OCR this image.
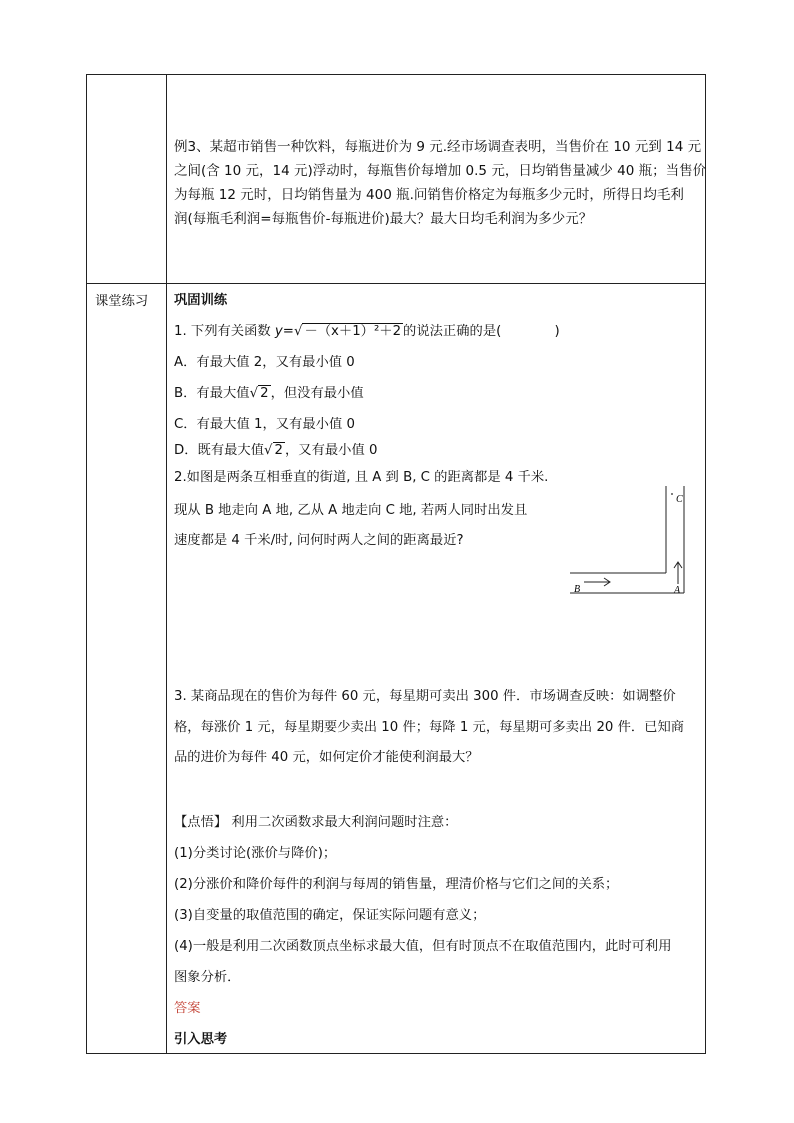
例3、某超市销售一种饮料，每瓶进价为 9 元.经市场调查表明，当售价在 10 元到 14 元

之间(含 10 元，14 元)浮动时，每瓶售价每增加 0.5 元，日均销售量减少 40 瓶；当售价

为每瓶 12 元时，日均销售量为 400 瓶.问销售价格定为每瓶多少元时，所得日均毛利

润(每瓶毛利润=每瓶售价-每瓶进价)最大？最大日均毛利润为多少元？

课堂练习 巩固训练
1. 下列有关函数 y=√ －（x＋1）²＋2 的说法正确的是(　　　　)
A．有最大值 2，又有最小值 0
B．有最大值√ 2 ，但没有最小值
C．有最大值 1，又有最小值 0
D．既有最大值√ 2 ，又有最小值 0
2.如图是两条互相垂直的街道, 且 A 到 B, C 的距离都是 4 千米.
现从 B 地走向 A 地, 乙从 A 地走向 C 地, 若两人同时出发且
速度都是 4 千米/时, 问何时两人之间的距离最近?
B	A
C
3. 某商品现在的售价为每件 60 元，每星期可卖出 300 件．市场调查反映：如调整价
格，每涨价 1 元，每星期要少卖出 10 件；每降 1 元，每星期可多卖出 20 件．已知商
品的进价为每件 40 元，如何定价才能使利润最大？
【点悟】 利用二次函数求最大利润问题时注意：
(1)分类讨论(涨价与降价)；
(2)分涨价和降价每件的利润与每周的销售量，理清价格与它们之间的关系；
(3)自变量的取值范围的确定，保证实际问题有意义；
(4)一般是利用二次函数顶点坐标求最大值，但有时顶点不在取值范围内，此时可利用
图象分析．
答案
引入思考
